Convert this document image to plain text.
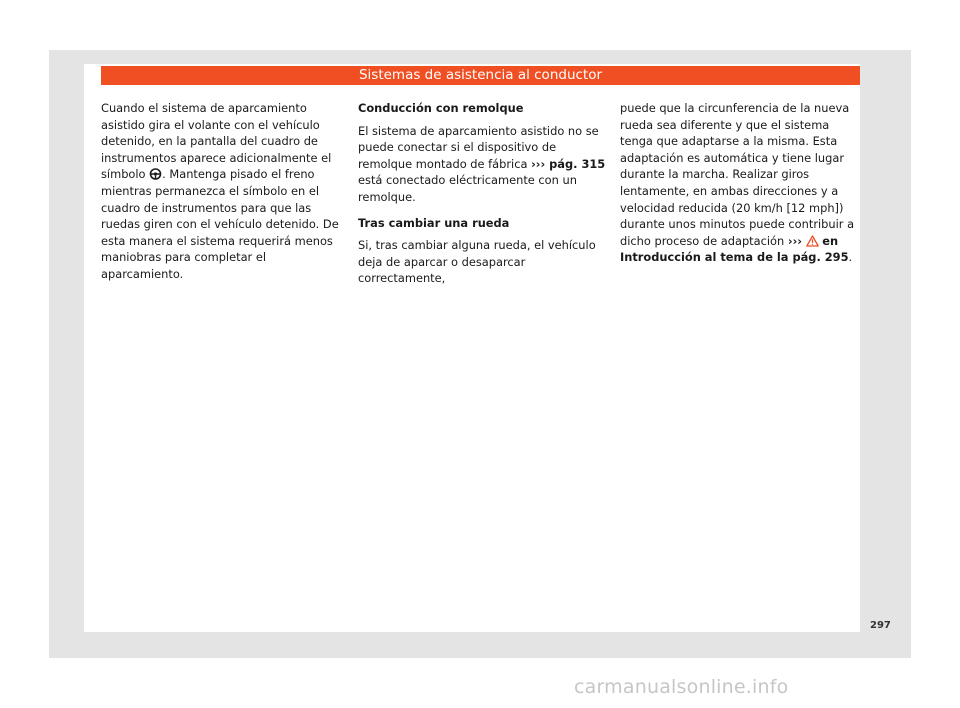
Sistemas de asistencia al conductor

Cuando el sistema de aparcamiento asistido gira el volante con el vehículo detenido, en la pantalla del cuadro de instrumentos aparece adicionalmente el símbolo . Mantenga pisado el freno mientras permanezca el símbolo en el cuadro de instrumentos para que las ruedas giren con el vehículo detenido. De esta manera el sistema requerirá menos maniobras para completar el aparcamiento.

Conducción con remolque

El sistema de aparcamiento asistido no se puede conectar si el dispositivo de remolque montado de fábrica ››› pág. 315 está conectado eléctricamente con un remolque.

Tras cambiar una rueda

Si, tras cambiar alguna rueda, el vehículo deja de aparcar o desaparcar correctamente,

puede que la circunferencia de la nueva rueda sea diferente y que el sistema tenga que adaptarse a la misma. Esta adaptación es automática y tiene lugar durante la marcha. Realizar giros lentamente, en ambas direcciones y a velocidad reducida (20 km/h [12 mph]) durante unos minutos puede contribuir a dicho proceso de adaptación ››› en Introducción al tema de la pág. 295.

297
carmanualsonline.info
